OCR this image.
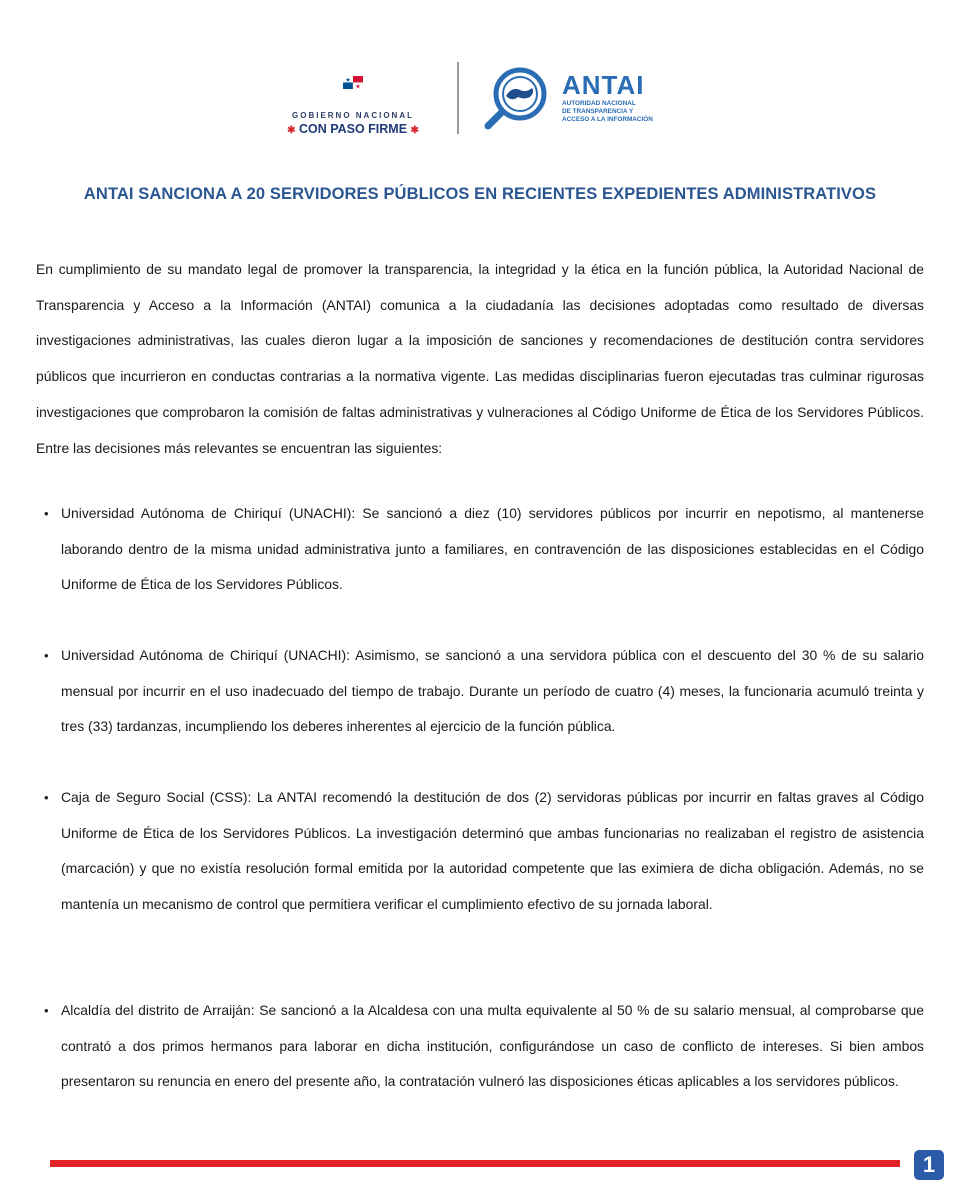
GOBIERNO NACIONAL
✱ CON PASO FIRME ✱
ANTAI
AUTORIDAD NACIONAL
DE TRANSPARENCIA Y
ACCESO A LA INFORMACIÓN
ANTAI SANCIONA A 20 SERVIDORES PÚBLICOS EN RECIENTES EXPEDIENTES ADMINISTRATIVOS

En cumplimiento de su mandato legal de promover la transparencia, la integridad y la ética en la función pública, la Autoridad Nacional de Transparencia y Acceso a la Información (ANTAI) comunica a la ciudadanía las decisiones adoptadas como resultado de diversas investigaciones administrativas, las cuales dieron lugar a la imposición de sanciones y recomendaciones de destitución contra servidores públicos que incurrieron en conductas contrarias a la normativa vigente. Las medidas disciplinarias fueron ejecutadas tras culminar rigurosas investigaciones que comprobaron la comisión de faltas administrativas y vulneraciones al Código Uniforme de Ética de los Servidores Públicos. Entre las decisiones más relevantes se encuentran las siguientes:

• Universidad Autónoma de Chiriquí (UNACHI): Se sancionó a diez (10) servidores públicos por incurrir en nepotismo, al mantenerse laborando dentro de la misma unidad administrativa junto a familiares, en contravención de las disposiciones establecidas en el Código Uniforme de Ética de los Servidores Públicos.

• Universidad Autónoma de Chiriquí (UNACHI): Asimismo, se sancionó a una servidora pública con el descuento del 30 % de su salario mensual por incurrir en el uso inadecuado del tiempo de trabajo. Durante un período de cuatro (4) meses, la funcionaria acumuló treinta y tres (33) tardanzas, incumpliendo los deberes inherentes al ejercicio de la función pública.

• Caja de Seguro Social (CSS): La ANTAI recomendó la destitución de dos (2) servidoras públicas por incurrir en faltas graves al Código Uniforme de Ética de los Servidores Públicos. La investigación determinó que ambas funcionarias no realizaban el registro de asistencia (marcación) y que no existía resolución formal emitida por la autoridad competente que las eximiera de dicha obligación. Además, no se mantenía un mecanismo de control que permitiera verificar el cumplimiento efectivo de su jornada laboral.

• Alcaldía del distrito de Arraiján: Se sancionó a la Alcaldesa con una multa equivalente al 50 % de su salario mensual, al comprobarse que contrató a dos primos hermanos para laborar en dicha institución, configurándose un caso de conflicto de intereses. Si bien ambos presentaron su renuncia en enero del presente año, la contratación vulneró las disposiciones éticas aplicables a los servidores públicos.

1
